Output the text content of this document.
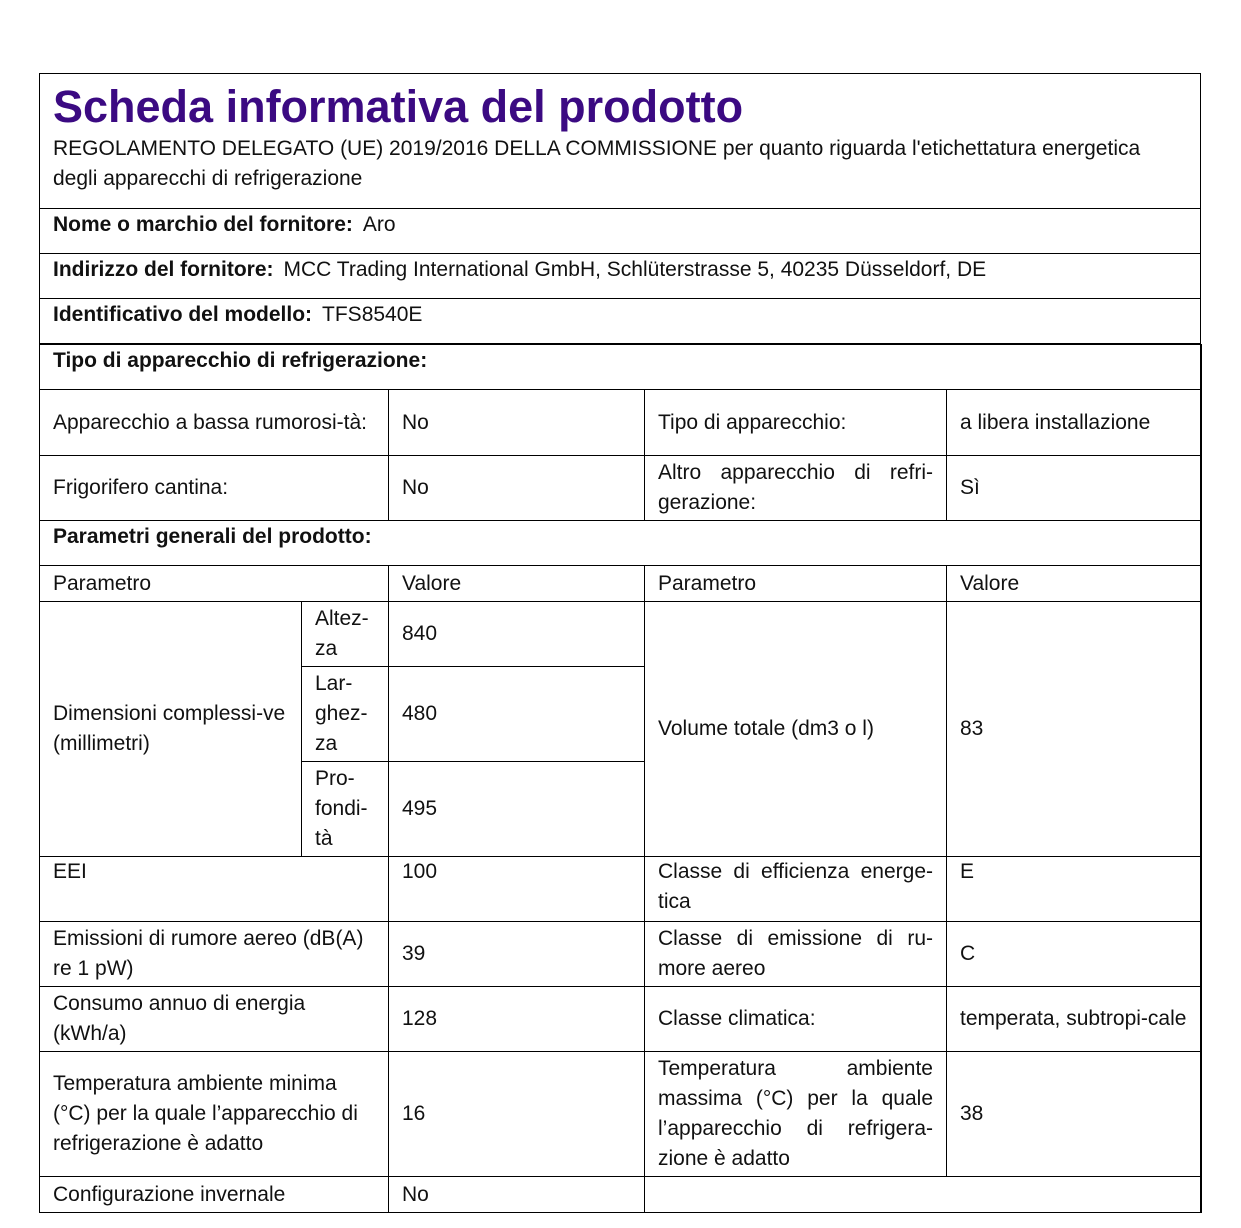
Scheda informativa del prodotto
REGOLAMENTO DELEGATO (UE) 2019/2016 DELLA COMMISSIONE per quanto riguarda l'etichettatura energetica degli apparecchi di refrigerazione
Nome o marchio del fornitore: Aro
Indirizzo del fornitore: MCC Trading International GmbH, Schlüterstrasse 5, 40235 Düsseldorf, DE
Identificativo del modello: TFS8540E
Tipo di apparecchio di refrigerazione:				
Apparecchio a bassa rumorosi-tà:		No	Tipo di apparecchio:	a libera installazione
Frigorifero cantina:		No	Altro apparecchio di refri-gerazione:	Sì
Parametri generali del prodotto:				
Parametro		Valore	Parametro	Valore
Dimensioni complessi-ve (millimetri)	Altez-za	840	Volume totale (dm3 o l)	83
	Lar-ghez-za	480		
	Pro-fondi-tà	495		
EEI		100	Classe di efficienza energe-tica	E
Emissioni di rumore aereo (dB(A) re 1 pW)		39	Classe di emissione di ru-more aereo	C
Consumo annuo di energia (kWh/a)		128	Classe climatica:	temperata, subtropi-cale
Temperatura ambiente minima (°C) per la quale l’apparecchio di refrigerazione è adatto		16	Temperatura ambiente massima (°C) per la quale l’apparecchio di refrigera-zione è adatto	38
Configurazione invernale		No		
